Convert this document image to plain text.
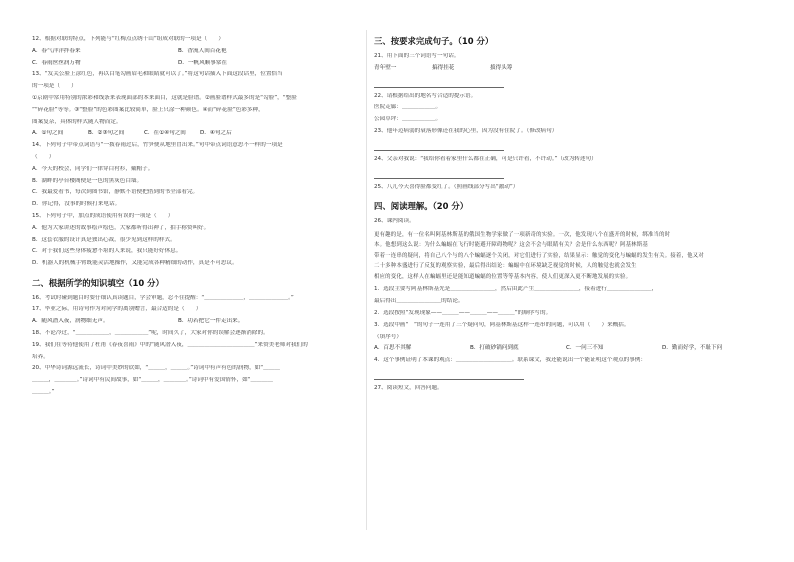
12、根据对联的特点，下列能与“红梅点点绣千山”组成对联的一项是（　　）
A．春气洋洋拌春来	B．香流人间百花艳
C．春雨丝丝润万物	D．一帆风顺事常在
13、“发关公脸上涂红色，再以白笔勾画眉毛和眼睛就可以了。”将这句话插入下面这段话里，位置恰当
的一项是（　　）
①京剧中常用特别的浓彩和线条来表现面部的本来面目，这就是脸谱。②画脸谱样式最多的是“勾脸”，“整脸
”“碎花脸”等等。③“整脸”的色彩图案比较简单，脸上只涂一种颜色。④而“碎花脸”色彩多种，
图案复杂，具体的样式随人物而定。
A．①句之间	B．②③句之间	C．在①④句之间	D．④句之后
14、下列句子中带点词语与“一拨春雨过后，竹笋便从地里冒出来。”句中带点词语意思不一样的一项是
（　　）
A．今天的校会，同学们一律穿白衬衫，戴帽子。
B．湖畔的亭台楼阁便是一色的黑灰色白墙。
C．我最爱看书，每次到图书馆，静默不语便把借到的书全部看完。
D．你记得，没事的时候打来电话。
15、下列句子中，加点的成语使用有误的一项是（　　）
A．他为大家讲述的故事绘声绘色，大家都听得出神了，拍手称赞叫好。
B．这套衣服的设计真是独出心裁，很少见到这样的样式。
C．对于我们这些身体疲惫不堪的人来说，我只能好好休息。
D．机器人的机械手臂既能灵活地操作，又能完成各种精细的动作，真是不可思议。
二、根据所学的知识填空（10 分）
16、考试时碰到题目时要仔细认真读题目，学会审题，忍不住提醒：“＿＿＿＿＿＿＿，＿＿＿＿＿＿＿。”
17、毕业之际，用诗句作为对同学的离别赠言，最合适的是（　　）
A．随风潜入夜，润物细无声。	B．功若把它一件走出来。
18、不论冷过，“＿＿＿＿＿＿，＿＿＿＿＿＿”呢，时间久了，大家对你的误解会逐渐消除的。
19、我们在等待他使用了杜甫《春夜喜雨》中的“随风潜入夜，＿＿＿＿＿＿＿＿＿＿＿＿”来赞美老师对我们的
培养。
20、中华诗词源远流长，诗词中美妙的钦如，“＿＿＿，＿＿＿。”诗词中有声有色的润物，如“＿＿＿
＿＿＿，＿＿＿＿。”诗词中有民间故事，如“＿＿＿，＿＿＿＿。”诗词中有爱国情怀，如“＿＿＿＿
＿＿＿。”
三、按要求完成句子。（10 分）
21、用下面的三个词语写一句话。
青年壁一	搞得挂花	拔得头筹
22、请根据给出的地名写合适的提示语。
医院走廊：＿＿＿＿＿＿。
公园草坪：＿＿＿＿＿＿。
23、他年迈病弱的衰落形像还在我的心里，因为没有住院了。（修改病句）
24、父亲对我说：“我给你看着家里什么都在正确，可是只许看，不许动。”（改为转述句）
25、八儿今天喜得脸都变红了。（照画线部分写出“激动”）
四、阅读理解。（20 分）
26、课内阅读。
更有趣的是，有一位名叫阿基林斯基的俄国生物学家做了一项新奇的实验。一次，他发现八个在盛开的时候，绑准当的时
本。他想到这么说：为什么蝙蝠在飞行时能避开障碍物呢？这会不会与眼睛有关？会是什么东西呢？阿基林斯基
带着一连串的疑问，将自己八个与的八个蝙蝠逐个关闭，对它们进行了实验，结果显示：触觉的变化与蝙蝠的发生有关。接着，他又对
二十多种本盛进行了反复的观察实验，最后得出结论：蝙蝠中在环境缺乏视觉的时候，人的触觉也就会发生
相应的变化，这样人在蝙蝠里还是能知道蝙蝠的位置等等基本内容，使人们更深入更不断地发展的实验。
1．选段主要写阿基林斯基先是＿＿＿＿＿＿＿＿，然后由此产生＿＿＿＿＿＿＿＿，接着进行＿＿＿＿＿＿＿＿，
最后得出＿＿＿＿＿＿＿＿的结论。
2．选段按照“发现现象——＿＿＿——＿＿＿——＿＿＿”的顺序写的。
3．选段中画“　”的句子一连用了三个疑问句，阿基林斯基这样一连串的问题，可以用（　　）来概括。
（填序号）
A．百思不其解	B．打破砂锅问到底	C．一问三不知	D．勤而好学，不耻下问
4．这个事例证明了本课的观点：＿＿＿＿＿＿＿＿＿＿。联系课文，我还能说出一个能证明这个观点的事例：
27、阅读短文，回答问题。
